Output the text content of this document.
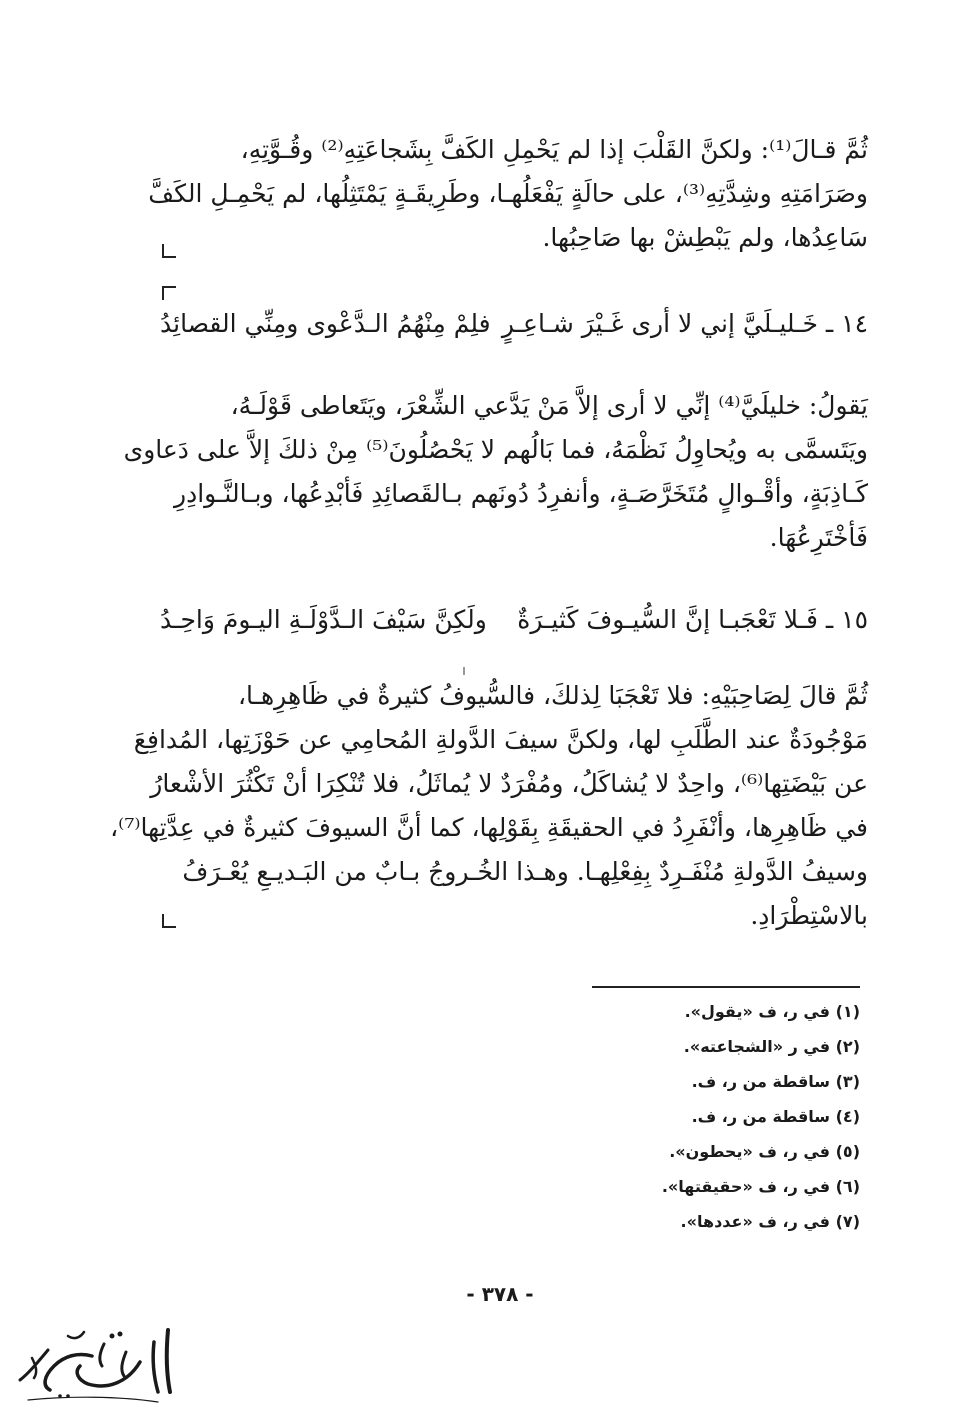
ثُمَّ قـالَ⁽¹⁾: ولكنَّ القَلْبَ إذا لم يَحْمِلِ الكَفَّ بِشَجاعَتِهِ⁽²⁾ وقُـوَّتِهِ،
وصَرَامَتِهِ وشِدَّتِهِ⁽³⁾، على حالَةٍ يَفْعَلُهـا، وطَرِيقَـةٍ يَمْتَثِلُها، لم يَحْمِـلِ الكَفَّ
سَاعِدُها، ولم يَبْطِشْ بها صَاحِبُها.
١٤ ـ خَـليـلَيَّ إني لا أرى غَـيْرَ شـاعِـرٍ
فلِمْ مِنْهُمُ الـدَّعْوى ومِنِّي القصائِدُ
يَقولُ: خليلَيَّ⁽⁴⁾ إنِّي لا أرى إلاَّ مَنْ يَدَّعي الشِّعْرَ، ويَتَعاطى قَوْلَـهُ،
ويَتَسمَّى به ويُحاوِلُ نَظْمَهُ، فما بَالُهم لا يَحْصُلُونَ⁽⁵⁾ مِنْ ذلكَ إلاَّ على دَعاوى
كَـاذِبَةٍ، وأقْـوالٍ مُتَخَرَّصَـةٍ، وأنفرِدُ دُونَهم بـالقَصائِدِ فَأبْدِعُها، وبـالنَّـوادِرِ
فَأخْتَرِعُهَا.
١٥ ـ فَـلا تَعْجَبـا إنَّ السُّيـوفَ كَثيـرَةٌ
ولَكِنَّ سَيْفَ الـدَّوْلَـةِ اليـومَ وَاحِـدُ
ثُمَّ قالَ لِصَاحِبَيْهِ: فلا تَعْجَبَا لِذلكَ، فالسُّيوفُ كثيرةٌ في ظَاهِرِهـا،
مَوْجُودَةٌ عند الطَّلَبِ لها، ولكنَّ سيفَ الدَّولةِ المُحامِي عن حَوْزَتِها، المُدافِعَ
عن بَيْضَتِها⁽⁶⁾، واحِدٌ لا يُشاكَلُ، ومُفْرَدٌ لا يُماثَلُ، فلا تُنْكِرَا أنْ تَكْثُرَ الأشْعارُ
في ظَاهِرِها، وأنْفَرِدُ في الحقيقَةِ بِقَوْلِها، كما أنَّ السيوفَ كثيرةٌ في عِدَّتِها⁽⁷⁾،
وسيفُ الدَّولةِ مُنْفَـرِدٌ بِفِعْلِهـا. وهـذا الخُـروجُ بـابٌ من البَـديـعِ يُعْـرَفُ
بالاسْتِطْرَادِ.
(١) في ر، ف «يقول».
(٢) في ر «الشجاعته».
(٣) ساقطة من ر، ف.
(٤) ساقطة من ر، ف.
(٥) في ر، ف «يحطون».
(٦) في ر، ف «حقيقتها».
(٧) في ر، ف «عددها».
- ٣٧٨ -
